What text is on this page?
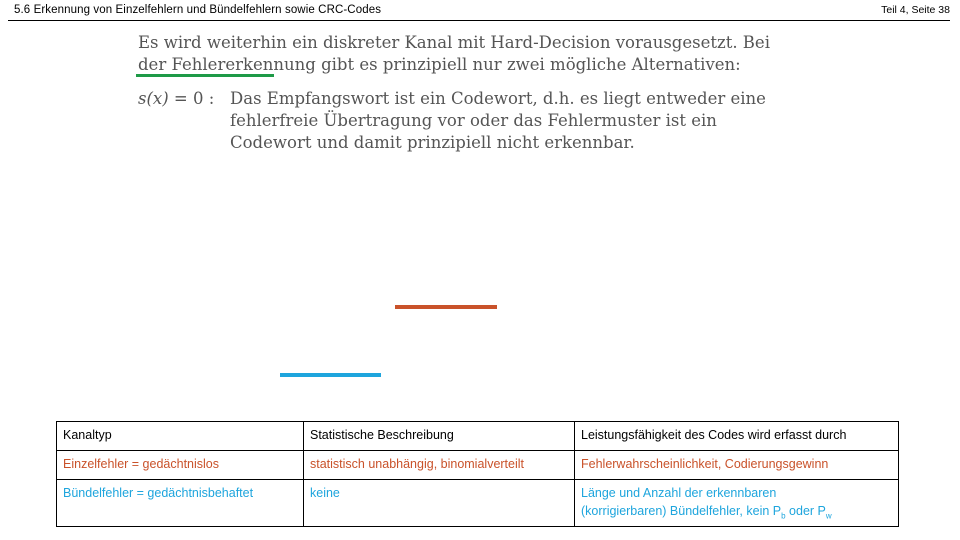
5.6 Erkennung von Einzelfehlern und Bündelfehlern sowie CRC-Codes	Teil 4, Seite 38

Es wird weiterhin ein diskreter Kanal mit Hard-Decision vorausgesetzt. Bei der Fehlererkennung gibt es prinzipiell nur zwei mögliche Alternativen:

s(x) = 0 : Das Empfangswort ist ein Codewort, d.h. es liegt entweder eine fehlerfreie Übertragung vor oder das Fehlermuster ist ein Codewort und damit prinzipiell nicht erkennbar.
Kanaltyp	Statistische Beschreibung	Leistungsfähigkeit des Codes wird erfasst durch
Einzelfehler = gedächtnislos	statistisch unabhängig, binomialverteilt	Fehlerwahrscheinlichkeit, Codierungsgewinn
Bündelfehler = gedächtnisbehaftet	keine	Länge und Anzahl der erkennbaren
(korrigierbaren) Bündelfehler, kein $P_b$ oder $P_w$
